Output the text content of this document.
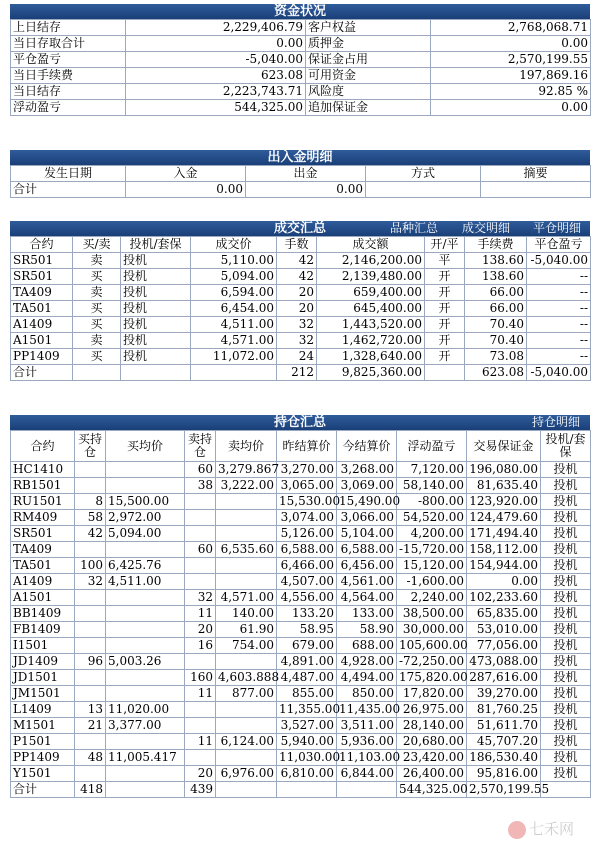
资金状况
上日结存	2,229,406.79	客户权益	2,768,068.71
当日存取合计	0.00	质押金	0.00
平仓盈亏	-5,040.00	保证金占用	2,570,199.55
当日手续费	623.08	可用资金	197,869.16
当日结存	2,223,743.71	风险度	92.85 %
浮动盈亏	544,325.00	追加保证金	0.00
出入金明细
发生日期	入金	出金	方式	摘要
合计	0.00	0.00		
成交汇总	品种汇总 成交明细 平仓明细
合约	买/卖	投机/套保	成交价	手数	成交额	开/平	手续费	平仓盈亏
SR501	卖	投机	5,110.00	42	2,146,200.00	平	138.60	-5,040.00
SR501	买	投机	5,094.00	42	2,139,480.00	开	138.60	--
TA409	卖	投机	6,594.00	20	659,400.00	开	66.00	--
TA501	买	投机	6,454.00	20	645,400.00	开	66.00	--
A1409	买	投机	4,511.00	32	1,443,520.00	开	70.40	--
A1501	卖	投机	4,571.00	32	1,462,720.00	开	70.40	--
PP1409	买	投机	11,072.00	24	1,328,640.00	开	73.08	--
合计				212	9,825,360.00		623.08	-5,040.00
持仓汇总	持仓明细
合约	买持仓	买均价	卖持仓	卖均价	昨结算价	今结算价	浮动盈亏	交易保证金	投机/套保
HC1410			60	3,279.867	3,270.00	3,268.00	7,120.00	196,080.00	投机
RB1501			38	3,222.00	3,065.00	3,069.00	58,140.00	81,635.40	投机
RU1501	8	15,500.00			15,530.00	15,490.00	-800.00	123,920.00	投机
RM409	58	2,972.00			3,074.00	3,066.00	54,520.00	124,479.60	投机
SR501	42	5,094.00			5,126.00	5,104.00	4,200.00	171,494.40	投机
TA409			60	6,535.60	6,588.00	6,588.00	-15,720.00	158,112.00	投机
TA501	100	6,425.76			6,466.00	6,456.00	15,120.00	154,944.00	投机
A1409	32	4,511.00			4,507.00	4,561.00	-1,600.00	0.00	投机
A1501			32	4,571.00	4,556.00	4,564.00	2,240.00	102,233.60	投机
BB1409			11	140.00	133.20	133.00	38,500.00	65,835.00	投机
FB1409			20	61.90	58.95	58.90	30,000.00	53,010.00	投机
I1501			16	754.00	679.00	688.00	105,600.00	77,056.00	投机
JD1409	96	5,003.26			4,891.00	4,928.00	-72,250.00	473,088.00	投机
JD1501			160	4,603.888	4,487.00	4,494.00	175,820.00	287,616.00	投机
JM1501			11	877.00	855.00	850.00	17,820.00	39,270.00	投机
L1409	13	11,020.00			11,355.00	11,435.00	26,975.00	81,760.25	投机
M1501	21	3,377.00			3,527.00	3,511.00	28,140.00	51,611.70	投机
P1501			11	6,124.00	5,940.00	5,936.00	20,680.00	45,707.20	投机
PP1409	48	11,005.417			11,030.00	11,103.00	23,420.00	186,530.40	投机
Y1501			20	6,976.00	6,810.00	6,844.00	26,400.00	95,816.00	投机
合计	418		439				544,325.00	2,570,199.55	
七禾网
